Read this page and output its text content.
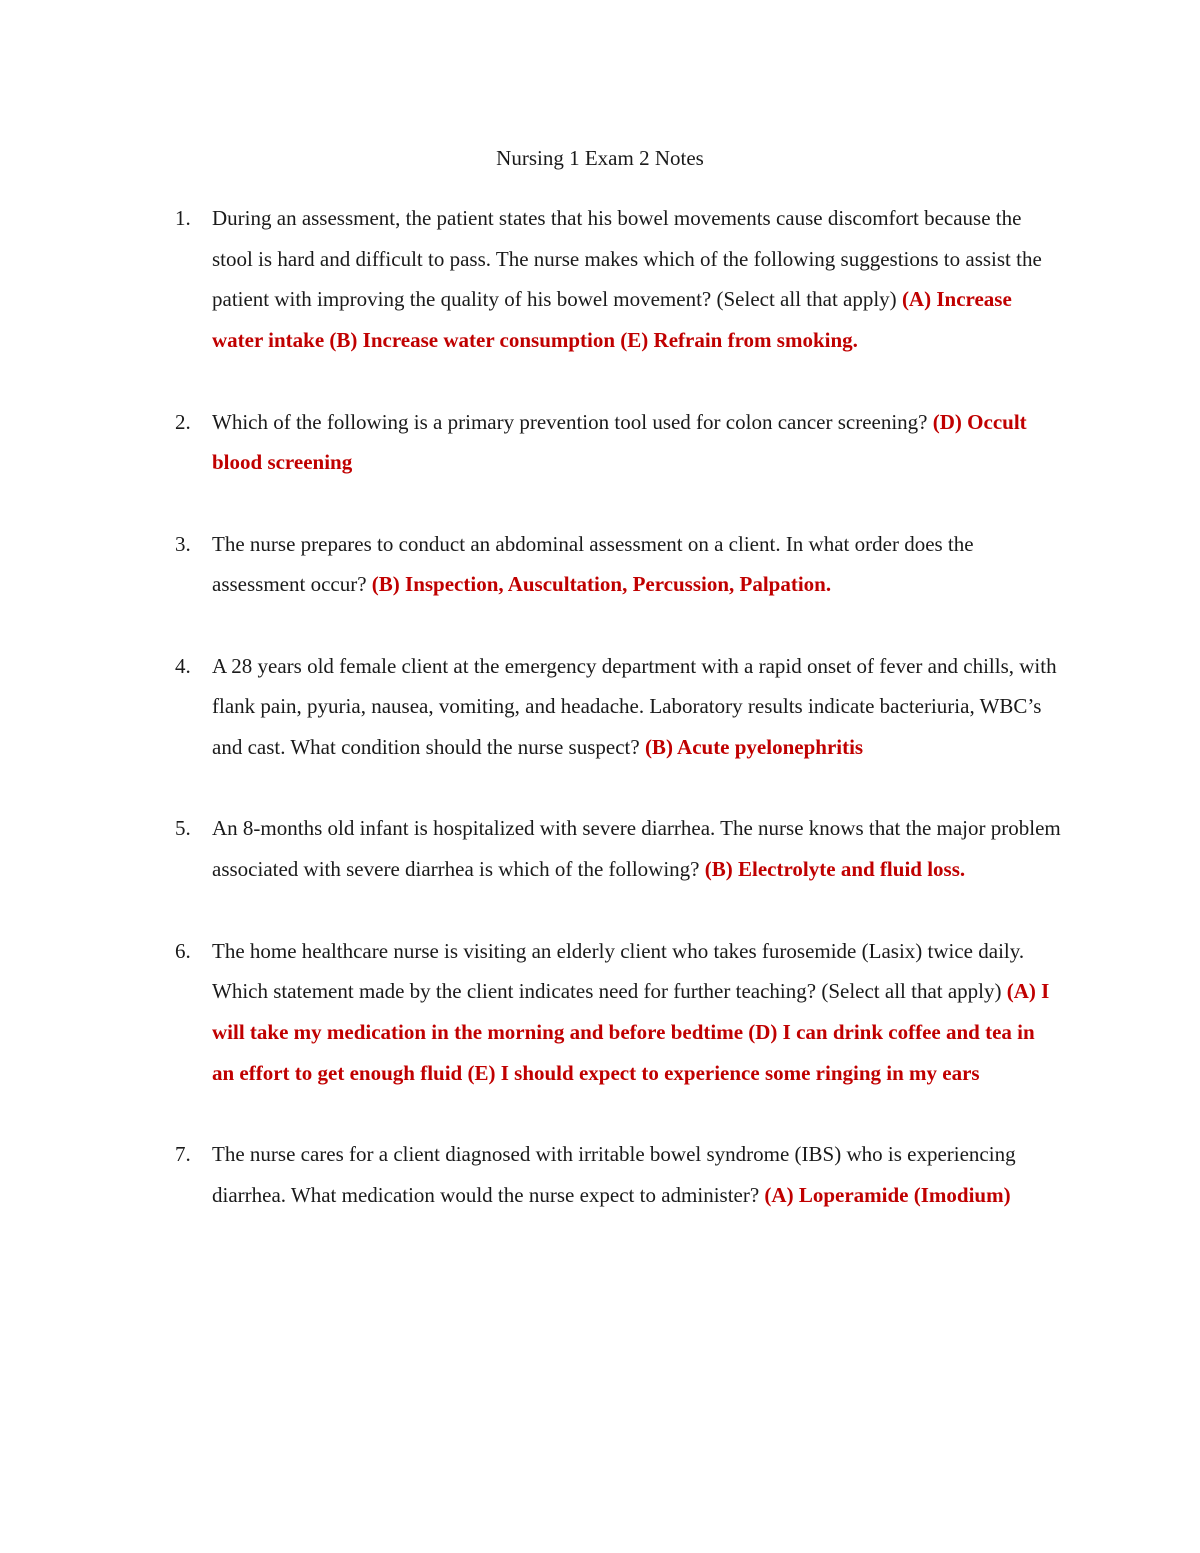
Nursing 1 Exam 2 Notes
1. During an assessment, the patient states that his bowel movements cause discomfort because the stool is hard and difficult to pass. The nurse makes which of the following suggestions to assist the patient with improving the quality of his bowel movement? (Select all that apply) (A) Increase water intake (B) Increase water consumption (E) Refrain from smoking.
2. Which of the following is a primary prevention tool used for colon cancer screening? (D) Occult blood screening
3. The nurse prepares to conduct an abdominal assessment on a client. In what order does the assessment occur? (B) Inspection, Auscultation, Percussion, Palpation.
4. A 28 years old female client at the emergency department with a rapid onset of fever and chills, with flank pain, pyuria, nausea, vomiting, and headache. Laboratory results indicate bacteriuria, WBC’s and cast. What condition should the nurse suspect? (B) Acute pyelonephritis
5. An 8-months old infant is hospitalized with severe diarrhea. The nurse knows that the major problem associated with severe diarrhea is which of the following? (B) Electrolyte and fluid loss.
6. The home healthcare nurse is visiting an elderly client who takes furosemide (Lasix) twice daily. Which statement made by the client indicates need for further teaching? (Select all that apply) (A) I will take my medication in the morning and before bedtime (D) I can drink coffee and tea in an effort to get enough fluid (E) I should expect to experience some ringing in my ears
7. The nurse cares for a client diagnosed with irritable bowel syndrome (IBS) who is experiencing diarrhea. What medication would the nurse expect to administer? (A) Loperamide (Imodium)
